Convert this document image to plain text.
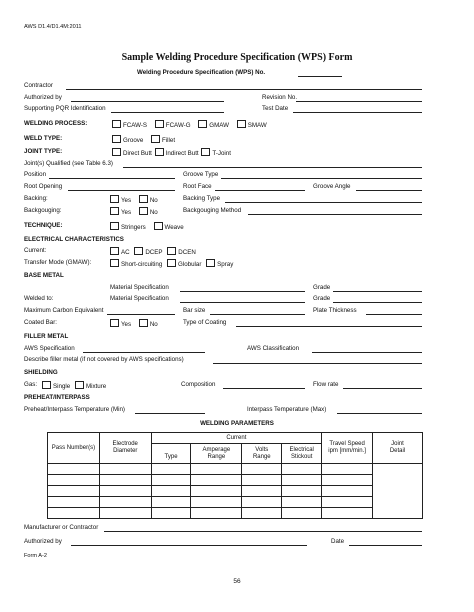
AWS D1.4/D1.4M:2011
Sample Welding Procedure Specification (WPS) Form
Welding Procedure Specification (WPS) No.
Contractor
Authorized by	Revision No.
Supporting PQR Identification	Test Date
WELDING PROCESS:	FCAW-S	FCAW-G	GMAW	SMAW
WELD TYPE:	Groove	Fillet
JOINT TYPE:	Direct Butt Indirect Butt T-Joint
Joint(s) Qualified (see Table 6.3)
Position	Groove Type
Root Opening	Root Face	Groove Angle
Backing:	Yes	No	Backing Type
Backgouging:	Yes	No	Backgouging Method
TECHNIQUE:	Stringers	Weave
ELECTRICAL CHARACTERISTICS
Current:	AC	DCEP	DCEN
Transfer Mode (GMAW):	Short-circuiting	Globular	Spray
BASE METAL
Material Specification	Grade
Welded to:	Material Specification	Grade
Maximum Carbon Equivalent	Bar size	Plate Thickness
Coated Bar:	Yes	No	Type of Coating
FILLER METAL
AWS Specification	AWS Classification
Describe filler metal (if not covered by AWS specifications)
SHIELDING
Gas:	Single	Mixture	Composition	Flow rate
PREHEAT/INTERPASS
Preheat/Interpass Temperature (Min)	Interpass Temperature (Max)
WELDING PARAMETERS
Pass Number(s)	Electrode Diameter	Current				Travel Speed ipm [mm/min.]	Joint Detail
		Type	Amperage Range	Volts Range	Electrical Stickout		

Manufacturer or Contractor
Authorized by	Date
Form A-2
56
